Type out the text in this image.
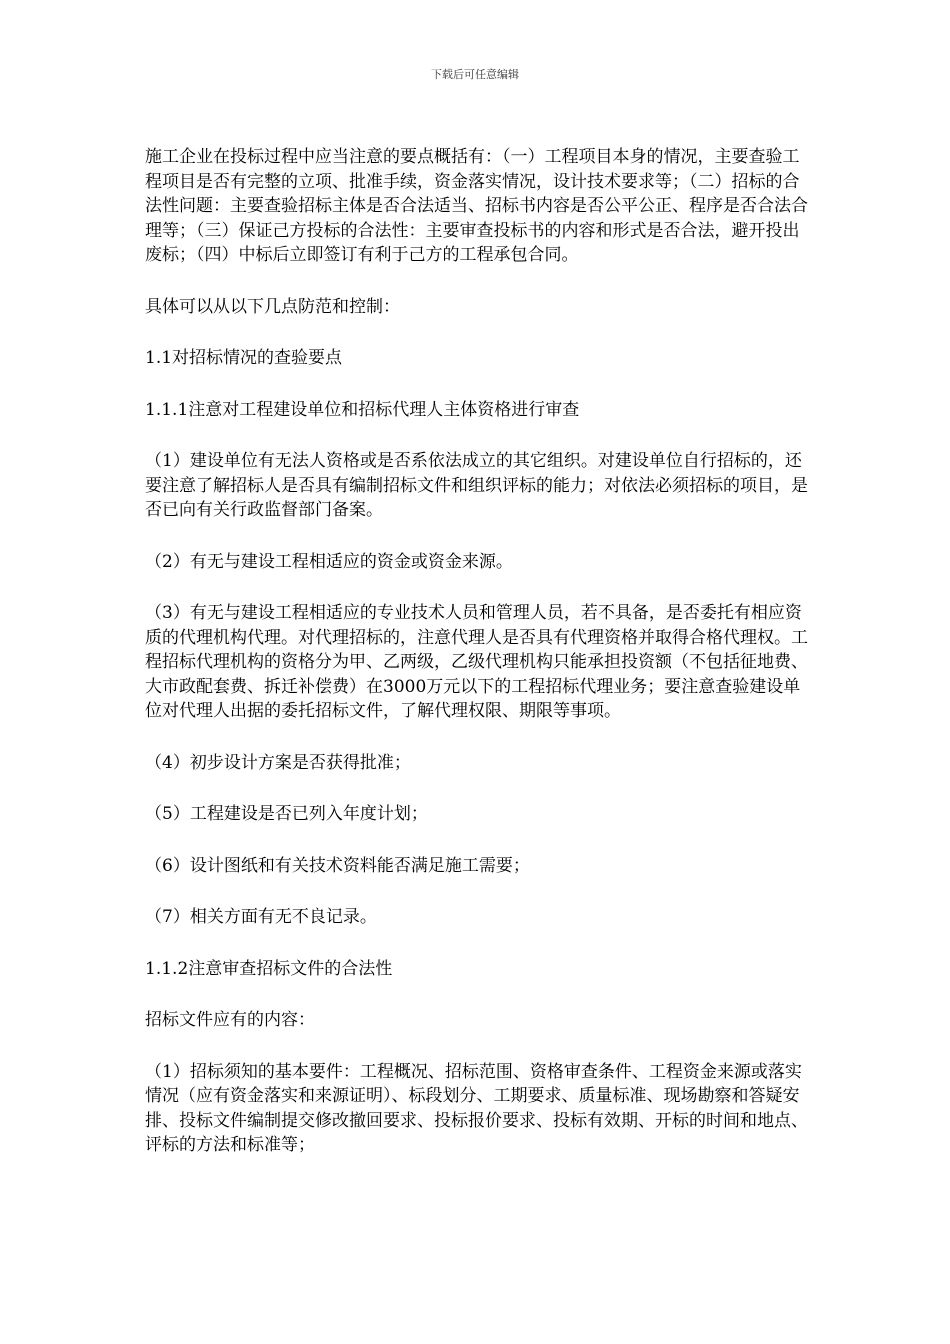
下载后可任意编辑

施工企业在投标过程中应当注意的要点概括有：（一）工程项目本身的情况，主要查验工程项目是否有完整的立项、批准手续，资金落实情况，设计技术要求等；（二）招标的合法性问题：主要查验招标主体是否合法适当、招标书内容是否公平公正、程序是否合法合理等；（三）保证己方投标的合法性：主要审查投标书的内容和形式是否合法，避开投出废标；（四）中标后立即签订有利于己方的工程承包合同。

具体可以从以下几点防范和控制：

1.1对招标情况的查验要点

1.1.1注意对工程建设单位和招标代理人主体资格进行审查

（1）建设单位有无法人资格或是否系依法成立的其它组织。对建设单位自行招标的，还要注意了解招标人是否具有编制招标文件和组织评标的能力；对依法必须招标的项目，是否已向有关行政监督部门备案。

（2）有无与建设工程相适应的资金或资金来源。

（3）有无与建设工程相适应的专业技术人员和管理人员，若不具备，是否委托有相应资质的代理机构代理。对代理招标的，注意代理人是否具有代理资格并取得合格代理权。工程招标代理机构的资格分为甲、乙两级，乙级代理机构只能承担投资额（不包括征地费、大市政配套费、拆迁补偿费）在3000万元以下的工程招标代理业务；要注意查验建设单位对代理人出据的委托招标文件，了解代理权限、期限等事项。

（4）初步设计方案是否获得批准；

（5）工程建设是否已列入年度计划；

（6）设计图纸和有关技术资料能否满足施工需要；

（7）相关方面有无不良记录。

1.1.2注意审查招标文件的合法性

招标文件应有的内容：

（1）招标须知的基本要件：工程概况、招标范围、资格审查条件、工程资金来源或落实情况（应有资金落实和来源证明）、标段划分、工期要求、质量标准、现场勘察和答疑安排、投标文件编制提交修改撤回要求、投标报价要求、投标有效期、开标的时间和地点、评标的方法和标准等；
